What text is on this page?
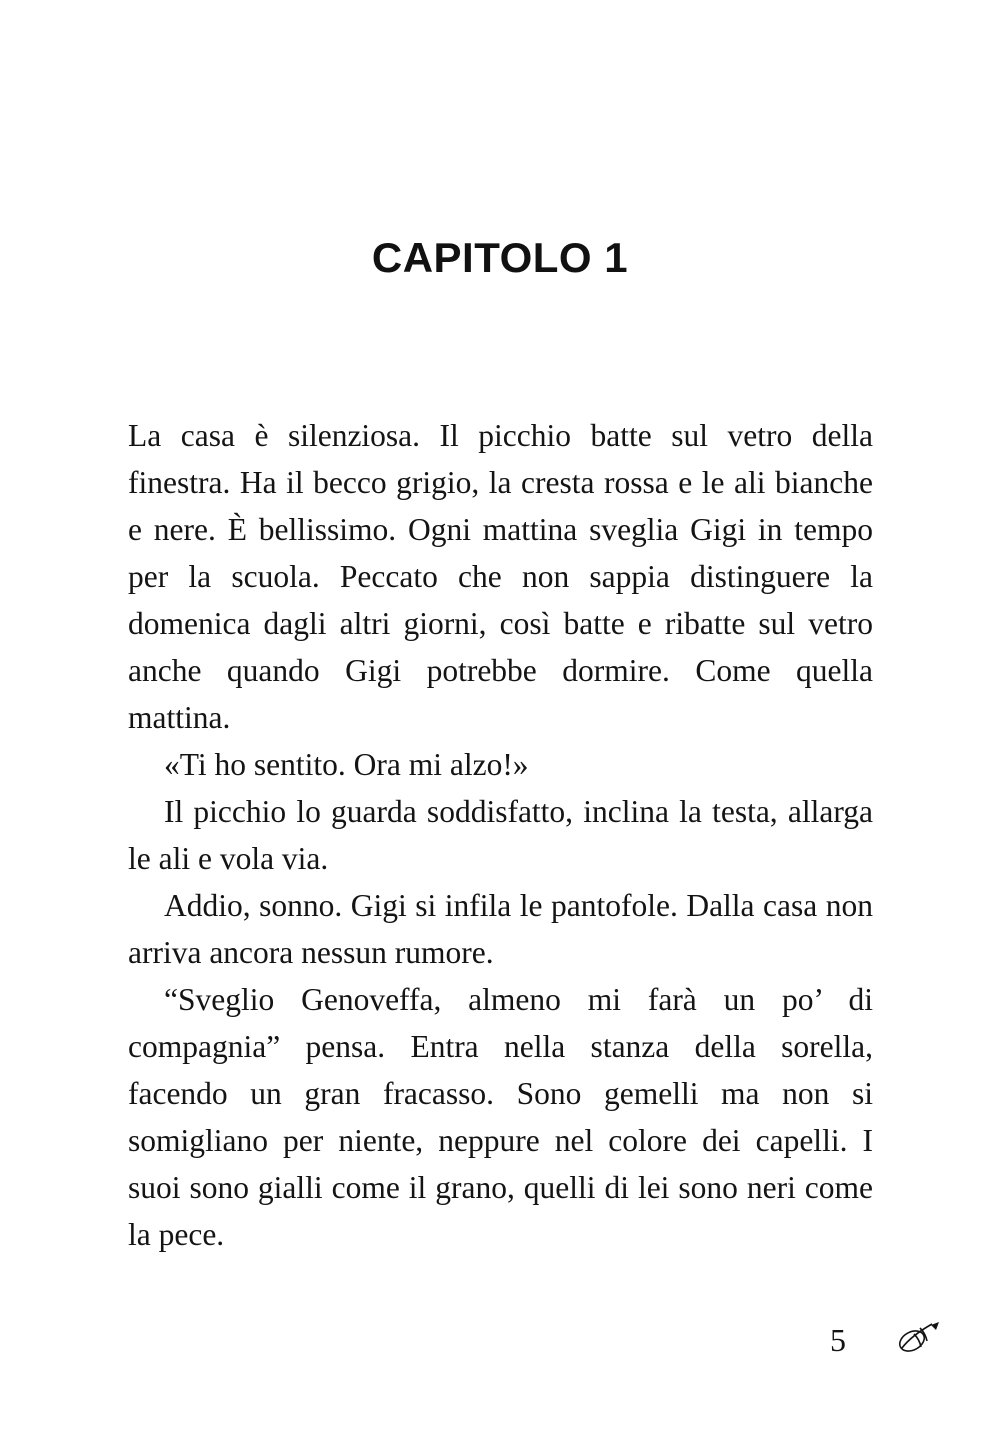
CAPITOLO 1

La casa è silenziosa. Il picchio batte sul vetro della finestra. Ha il becco grigio, la cresta rossa e le ali bianche e nere. È bellissimo. Ogni mattina sveglia Gigi in tempo per la scuola. Peccato che non sappia distinguere la domenica dagli altri giorni, così batte e ribatte sul vetro anche quando Gigi potrebbe dormire. Come quella mattina.

«Ti ho sentito. Ora mi alzo!»

Il picchio lo guarda soddisfatto, inclina la testa, allarga le ali e vola via.

Addio, sonno. Gigi si infila le pantofole. Dalla casa non arriva ancora nessun rumore.

“Sveglio Genoveffa, almeno mi farà un po’ di compagnia” pensa. Entra nella stanza della sorella, facendo un gran fracasso. Sono gemelli ma non si somigliano per niente, neppure nel colore dei capelli. I suoi sono gialli come il grano, quelli di lei sono neri come la pece.

5
